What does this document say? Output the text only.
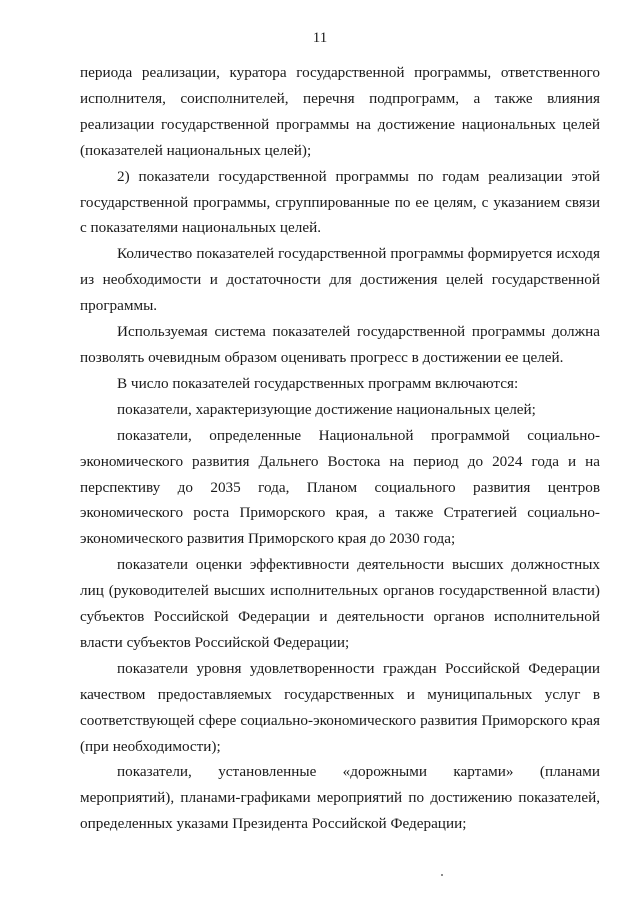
11

периода реализации, куратора государственной программы, ответственного исполнителя, соисполнителей, перечня подпрограмм, а также влияния реализации государственной программы на достижение национальных целей (показателей национальных целей);

2) показатели государственной программы по годам реализации этой государственной программы, сгруппированные по ее целям, с указанием связи с показателями национальных целей.

Количество показателей государственной программы формируется исходя из необходимости и достаточности для достижения целей государственной программы.

Используемая система показателей государственной программы должна позволять очевидным образом оценивать прогресс в достижении ее целей.

В число показателей государственных программ включаются:

показатели, характеризующие достижение национальных целей;

показатели, определенные Национальной программой социально-экономического развития Дальнего Востока на период до 2024 года и на перспективу до 2035 года, Планом социального развития центров экономического роста Приморского края, а также Стратегией социально-экономического развития Приморского края до 2030 года;

показатели оценки эффективности деятельности высших должностных лиц (руководителей высших исполнительных органов государственной власти) субъектов Российской Федерации и деятельности органов исполнительной власти субъектов Российской Федерации;

показатели уровня удовлетворенности граждан Российской Федерации качеством предоставляемых государственных и муниципальных услуг в соответствующей сфере социально-экономического развития Приморского края (при необходимости);

показатели, установленные «дорожными картами» (планами мероприятий), планами-графиками мероприятий по достижению показателей, определенных указами Президента Российской Федерации;
